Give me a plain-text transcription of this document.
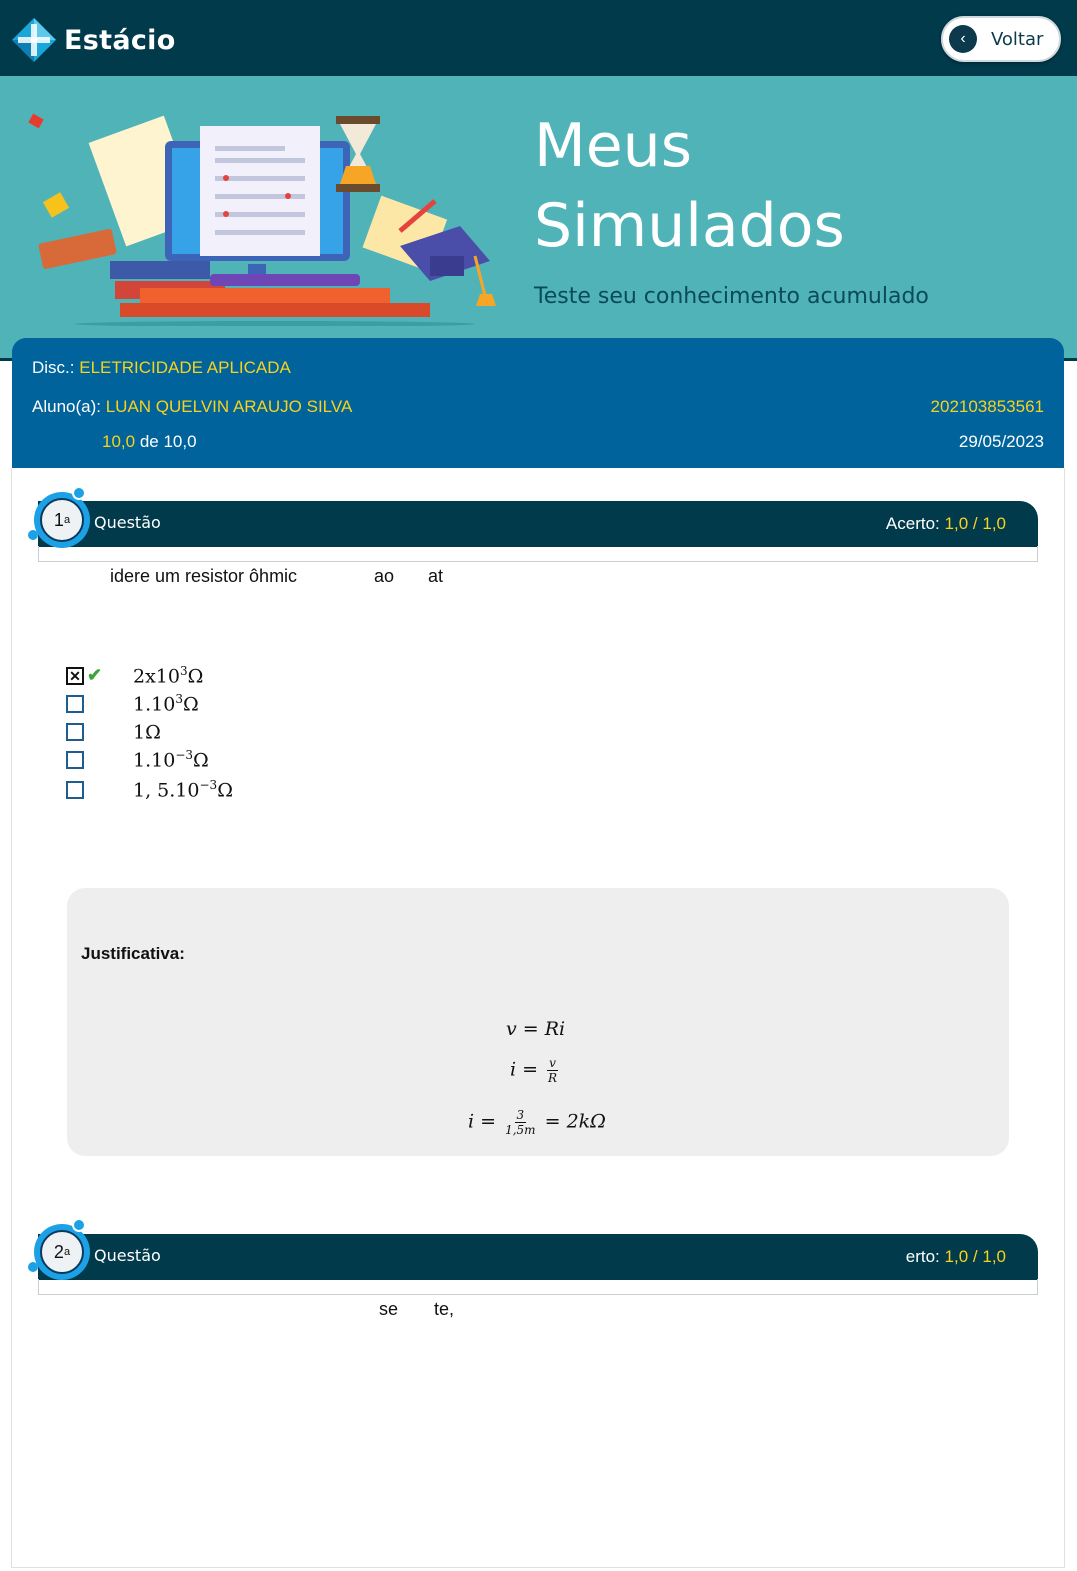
Estácio	‹	Voltar
Meus
Simulados
Teste seu conhecimento acumulado
Disc.: ELETRICIDADE APLICADA
Aluno(a): LUAN QUELVIN ARAUJO SILVA	202103853561
10,0 de 10,0	29/05/2023
Questão	Acerto: 1,0 / 1,0
1 a
idere um resistor ôhmic	ao at
✕ ✔ $2x10^3\Omega$
1.10$^3$Ω
1Ω
$1.10^{-3}\Omega$
1, $5.10^{-3}\Omega$
Justificativa:
v = Ri
$i = \frac{v}{R}$
$i = \frac{3}{1,5m} = 2k\Omega$
Questão	erto: 1,0 / 1,0
2 a
se te,
